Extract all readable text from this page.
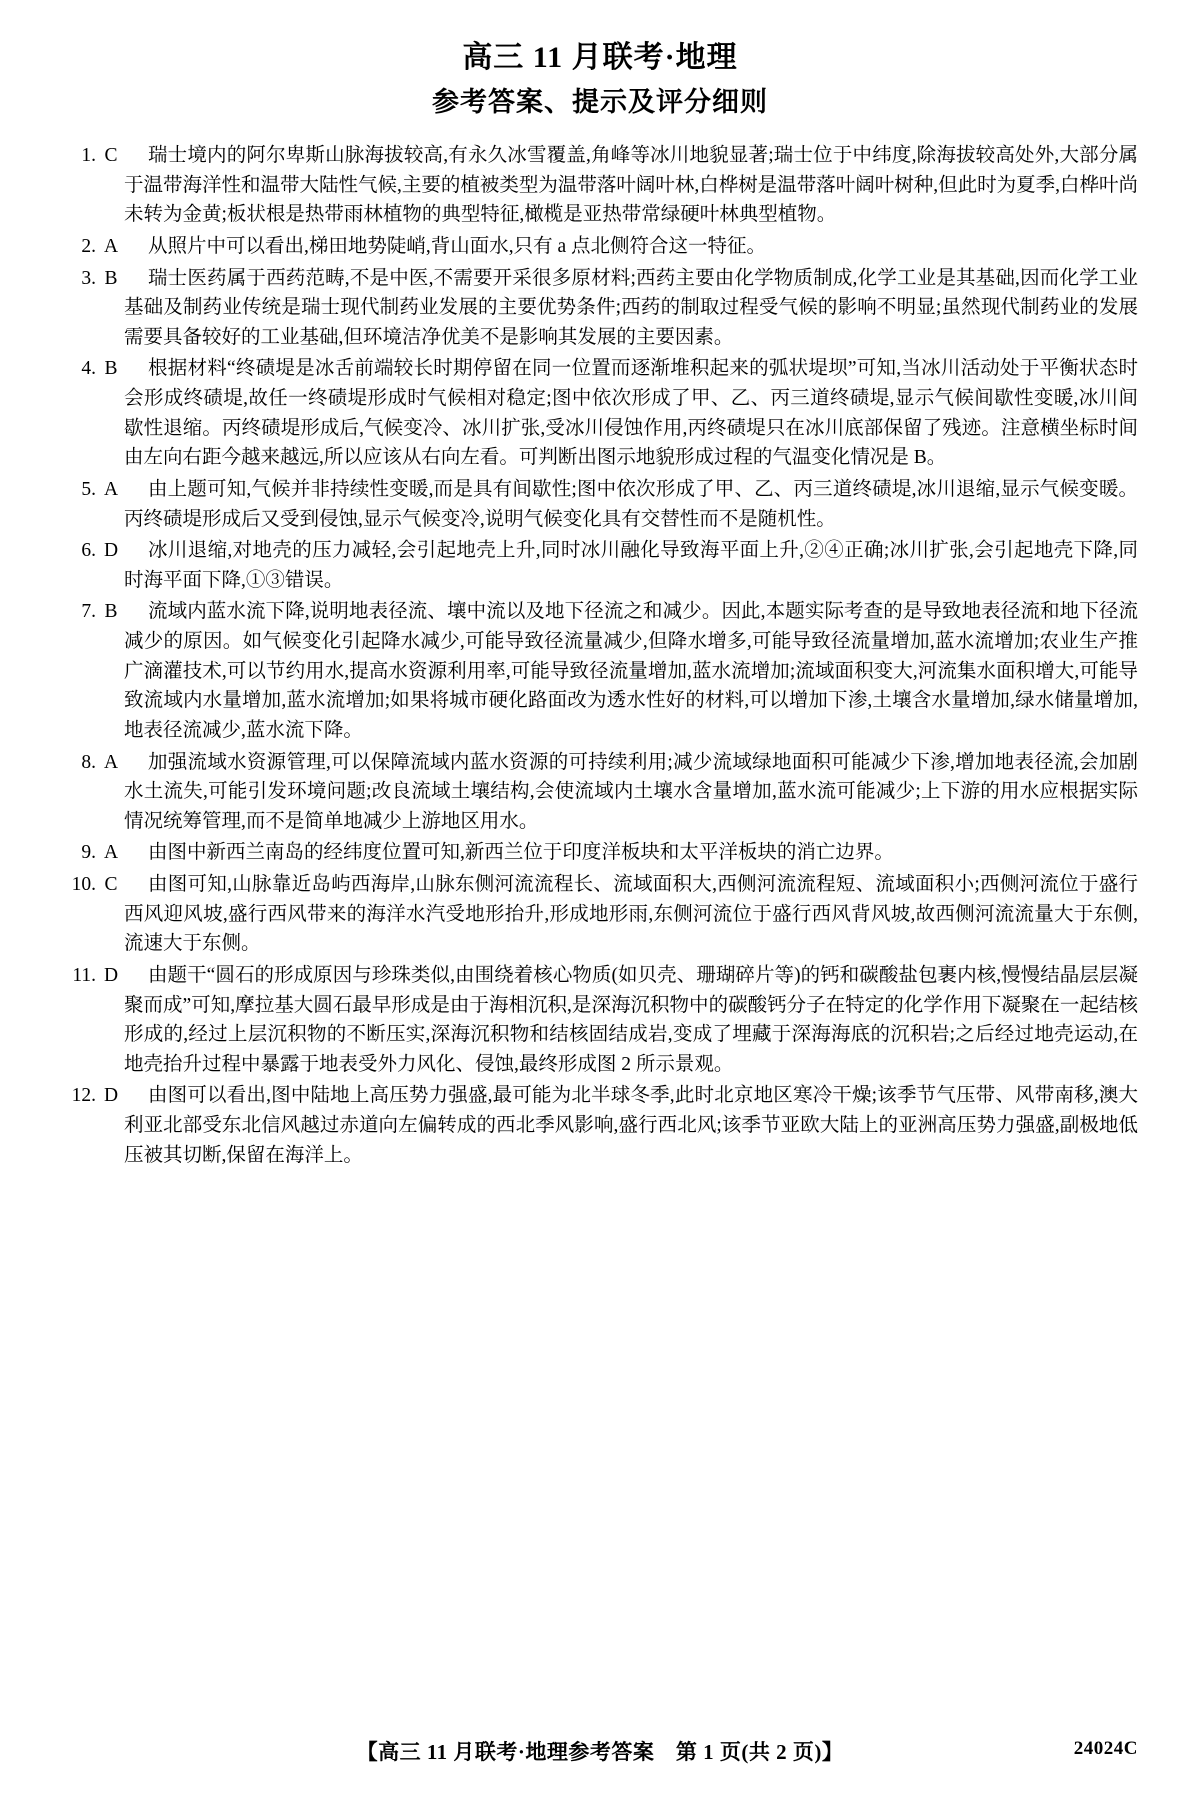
高三 11 月联考·地理
参考答案、提示及评分细则
1. C	瑞士境内的阿尔卑斯山脉海拔较高,有永久冰雪覆盖,角峰等冰川地貌显著;瑞士位于中纬度,除海拔较高处外,大部分属于温带海洋性和温带大陆性气候,主要的植被类型为温带落叶阔叶林,白桦树是温带落叶阔叶树种,但此时为夏季,白桦叶尚未转为金黄;板状根是热带雨林植物的典型特征,橄榄是亚热带常绿硬叶林典型植物。
2. A	从照片中可以看出,梯田地势陡峭,背山面水,只有 a 点北侧符合这一特征。
3. B	瑞士医药属于西药范畴,不是中医,不需要开采很多原材料;西药主要由化学物质制成,化学工业是其基础,因而化学工业基础及制药业传统是瑞士现代制药业发展的主要优势条件;西药的制取过程受气候的影响不明显;虽然现代制药业的发展需要具备较好的工业基础,但环境洁净优美不是影响其发展的主要因素。
4. B	根据材料“终碛堤是冰舌前端较长时期停留在同一位置而逐渐堆积起来的弧状堤坝”可知,当冰川活动处于平衡状态时会形成终碛堤,故任一终碛堤形成时气候相对稳定;图中依次形成了甲、乙、丙三道终碛堤,显示气候间歇性变暖,冰川间歇性退缩。丙终碛堤形成后,气候变冷、冰川扩张,受冰川侵蚀作用,丙终碛堤只在冰川底部保留了残迹。注意横坐标时间由左向右距今越来越远,所以应该从右向左看。可判断出图示地貌形成过程的气温变化情况是 B。
5. A	由上题可知,气候并非持续性变暖,而是具有间歇性;图中依次形成了甲、乙、丙三道终碛堤,冰川退缩,显示气候变暖。丙终碛堤形成后又受到侵蚀,显示气候变冷,说明气候变化具有交替性而不是随机性。
6. D	冰川退缩,对地壳的压力减轻,会引起地壳上升,同时冰川融化导致海平面上升,②④正确;冰川扩张,会引起地壳下降,同时海平面下降,①③错误。
7. B	流域内蓝水流下降,说明地表径流、壤中流以及地下径流之和减少。因此,本题实际考查的是导致地表径流和地下径流减少的原因。如气候变化引起降水减少,可能导致径流量减少,但降水增多,可能导致径流量增加,蓝水流增加;农业生产推广滴灌技术,可以节约用水,提高水资源利用率,可能导致径流量增加,蓝水流增加;流域面积变大,河流集水面积增大,可能导致流域内水量增加,蓝水流增加;如果将城市硬化路面改为透水性好的材料,可以增加下渗,土壤含水量增加,绿水储量增加,地表径流减少,蓝水流下降。
8. A	加强流域水资源管理,可以保障流域内蓝水资源的可持续利用;减少流域绿地面积可能减少下渗,增加地表径流,会加剧水土流失,可能引发环境问题;改良流域土壤结构,会使流域内土壤水含量增加,蓝水流可能减少;上下游的用水应根据实际情况统筹管理,而不是简单地减少上游地区用水。
9. A	由图中新西兰南岛的经纬度位置可知,新西兰位于印度洋板块和太平洋板块的消亡边界。
10. C	由图可知,山脉靠近岛屿西海岸,山脉东侧河流流程长、流域面积大,西侧河流流程短、流域面积小;西侧河流位于盛行西风迎风坡,盛行西风带来的海洋水汽受地形抬升,形成地形雨,东侧河流位于盛行西风背风坡,故西侧河流流量大于东侧,流速大于东侧。
11. D	由题干“圆石的形成原因与珍珠类似,由围绕着核心物质(如贝壳、珊瑚碎片等)的钙和碳酸盐包裹内核,慢慢结晶层层凝聚而成”可知,摩拉基大圆石最早形成是由于海相沉积,是深海沉积物中的碳酸钙分子在特定的化学作用下凝聚在一起结核形成的,经过上层沉积物的不断压实,深海沉积物和结核固结成岩,变成了埋藏于深海海底的沉积岩;之后经过地壳运动,在地壳抬升过程中暴露于地表受外力风化、侵蚀,最终形成图 2 所示景观。
12. D	由图可以看出,图中陆地上高压势力强盛,最可能为北半球冬季,此时北京地区寒冷干燥;该季节气压带、风带南移,澳大利亚北部受东北信风越过赤道向左偏转成的西北季风影响,盛行西北风;该季节亚欧大陆上的亚洲高压势力强盛,副极地低压被其切断,保留在海洋上。
【高三 11 月联考·地理参考答案　第 1 页(共 2 页)】	24024C
